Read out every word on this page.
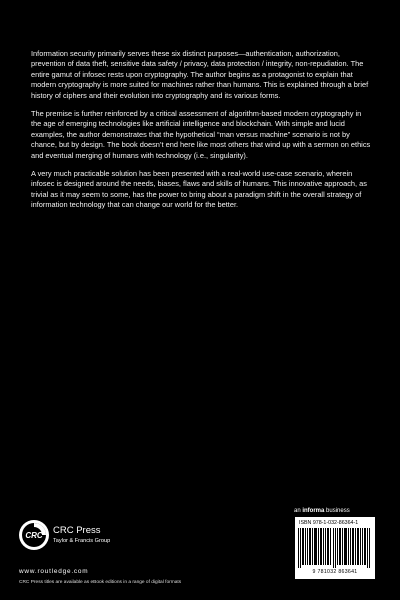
Information security primarily serves these six distinct purposes—authentication, authorization, prevention of data theft, sensitive data safety / privacy, data protection / integrity, non-repudiation. The entire gamut of infosec rests upon cryptography. The author begins as a protagonist to explain that modern cryptography is more suited for machines rather than humans. This is explained through a brief history of ciphers and their evolution into cryptography and its various forms.

The premise is further reinforced by a critical assessment of algorithm-based modern cryptography in the age of emerging technologies like artificial intelligence and blockchain. With simple and lucid examples, the author demonstrates that the hypothetical “man versus machine” scenario is not by chance, but by design. The book doesn’t end here like most others that wind up with a sermon on ethics and eventual merging of humans with technology (i.e., singularity).

A very much practicable solution has been presented with a real-world use-case scenario, wherein infosec is designed around the needs, biases, flaws and skills of humans. This innovative approach, as trivial as it may seem to some, has the power to bring about a paradigm shift in the overall strategy of information technology that can change our world for the better.

an informa business
ISBN 978-1-032-86364-1
9 781032 863641
CRC CRC Press
Taylor & Francis Group
www.routledge.com
CRC Press titles are available as eBook editions in a range of digital formats
